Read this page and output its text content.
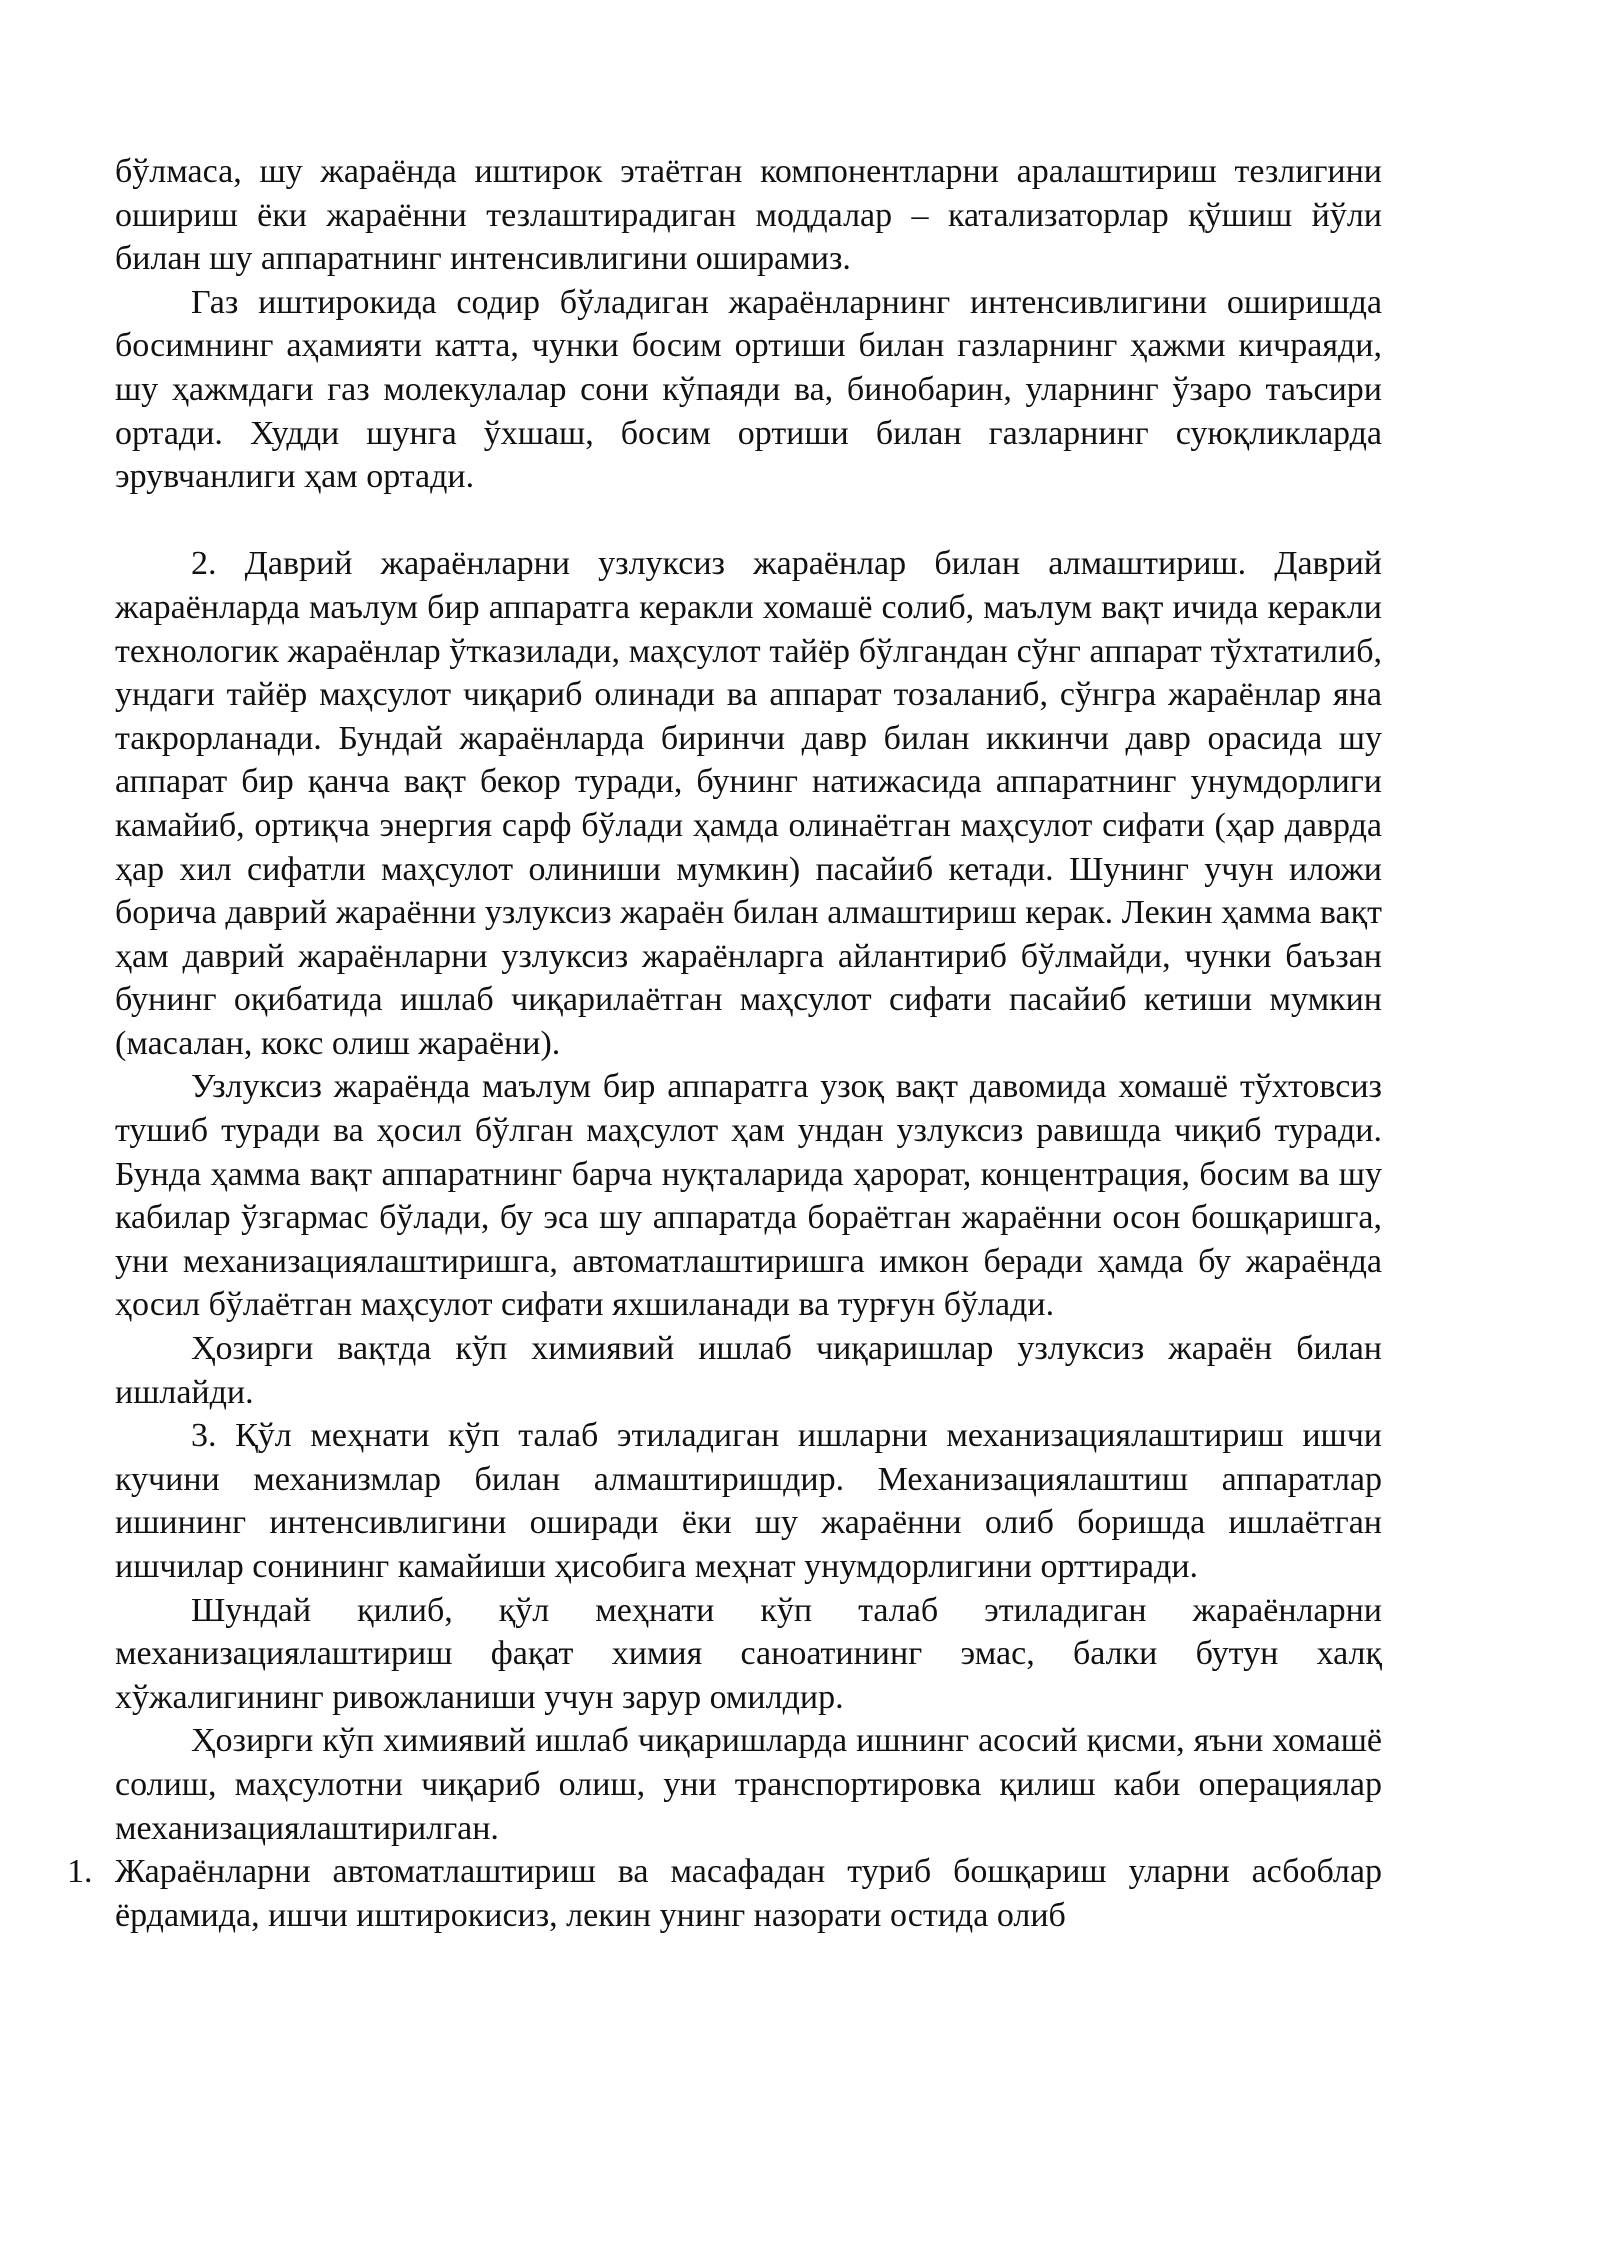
бўлмаса, шу жараёнда иштирок этаётган компонентларни аралаштириш тезлигини ошириш ёки жараённи тезлаштирадиган моддалар – катализаторлар қўшиш йўли билан шу аппаратнинг интенсивлигини оширамиз.

Газ иштирокида содир бўладиган жараёнларнинг интенсивлигини оширишда босимнинг аҳамияти катта, чунки босим ортиши билан газларнинг ҳажми кичраяди, шу ҳажмдаги газ молекулалар сони кўпаяди ва, бинобарин, уларнинг ўзаро таъсири ортади. Худди шунга ўхшаш, босим ортиши билан газларнинг суюқликларда эрувчанлиги ҳам ортади.

2. Даврий жараёнларни узлуксиз жараёнлар билан алмаштириш. Даврий жараёнларда маълум бир аппаратга керакли хомашё солиб, маълум вақт ичида керакли технологик жараёнлар ўтказилади, маҳсулот тайёр бўлгандан сўнг аппарат тўхтатилиб, ундаги тайёр маҳсулот чиқариб олинади ва аппарат тозаланиб, сўнгра жараёнлар яна такрорланади. Бундай жараёнларда биринчи давр билан иккинчи давр орасида шу аппарат бир қанча вақт бекор туради, бунинг натижасида аппаратнинг унумдорлиги камайиб, ортиқча энергия сарф бўлади ҳамда олинаётган маҳсулот сифати (ҳар даврда ҳар хил сифатли маҳсулот олиниши мумкин) пасайиб кетади. Шунинг учун иложи борича даврий жараённи узлуксиз жараён билан алмаштириш керак. Лекин ҳамма вақт ҳам даврий жараёнларни узлуксиз жараёнларга айлантириб бўлмайди, чунки баъзан бунинг оқибатида ишлаб чиқарилаётган маҳсулот сифати пасайиб кетиши мумкин (масалан, кокс олиш жараёни).

Узлуксиз жараёнда маълум бир аппаратга узоқ вақт давомида хомашё тўхтовсиз тушиб туради ва ҳосил бўлган маҳсулот ҳам ундан узлуксиз равишда чиқиб туради. Бунда ҳамма вақт аппаратнинг барча нуқталарида ҳарорат, концентрация, босим ва шу кабилар ўзгармас бўлади, бу эса шу аппаратда бораётган жараённи осон бошқаришга, уни механизациялаштиришга, автоматлаштиришга имкон беради ҳамда бу жараёнда ҳосил бўлаётган маҳсулот сифати яхшиланади ва турғун бўлади.

Ҳозирги вақтда кўп химиявий ишлаб чиқаришлар узлуксиз жараён билан ишлайди.

3. Қўл меҳнати кўп талаб этиладиган ишларни механизациялаштириш ишчи кучини механизмлар билан алмаштиришдир. Механизациялаштиш аппаратлар ишининг интенсивлигини оширади ёки шу жараённи олиб боришда ишлаётган ишчилар сонининг камайиши ҳисобига меҳнат унумдорлигини орттиради.

Шундай қилиб, қўл меҳнати кўп талаб этиладиган жараёнларни механизациялаштириш фақат химия саноатининг эмас, балки бутун халқ хўжалигининг ривожланиши учун зарур омилдир.

Ҳозирги кўп химиявий ишлаб чиқаришларда ишнинг асосий қисми, яъни хомашё солиш, маҳсулотни чиқариб олиш, уни транспортировка қилиш каби операциялар механизациялаштирилган.

1. Жараёнларни автоматлаштириш ва масафадан туриб бошқариш уларни асбоблар ёрдамида, ишчи иштирокисиз, лекин унинг назорати остида олиб
